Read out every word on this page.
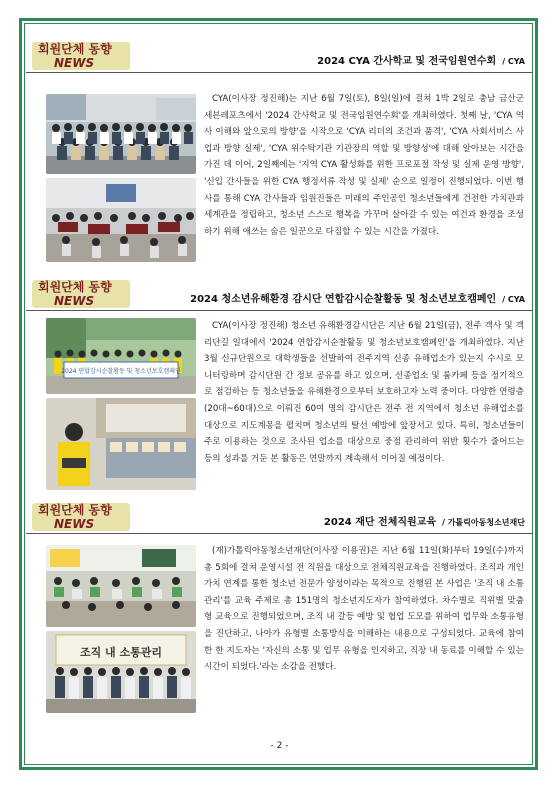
회원단체 동향
NEWS	2024 CYA 간사학교 및 전국임원연수회 / CYA

CYA(이사장 정진해)는 지난 6월 7일(토), 8일(일)에 걸쳐 1박 2일로 충남 금산군 세븐레포츠에서 '2024 간사학교 및 전국임원연수회'를 개최하였다. 첫째 날, 'CYA 역사 이해와 앞으로의 방향'을 시작으로 'CYA 리더의 조건과 품격', 'CYA 사회서비스 사업과 방향 실제', 'CYA 위수탁기관 기관장의 역할 및 방향성'에 대해 알아보는 시간을 가진 데 이어, 2일째에는 '지역 CYA 활성화를 위한 프로포절 작성 및 실제 운영 방향', '신입 간사들을 위한 CYA 행정서류 작성 및 실제' 순으로 일정이 진행되었다. 이번 행사를 통해 CYA 간사들과 임원진들은 미래의 주인공인 청소년들에게 건전한 가치관과 세계관을 정립하고, 청소년 스스로 행복을 가꾸며 살아갈 수 있는 여건과 환경을 조성하기 위해 애쓰는 숨은 일꾼으로 다짐할 수 있는 시간을 가졌다.

회원단체 동향
NEWS	2024 청소년유해환경 감시단 연합감시순찰활동 및 청소년보호캠페인 / CYA
2024 연합감시순찰활동 및 청소년보호캠페인

CYA(이사장 정진해) 청소년 유해환경감시단은 지난 6월 21일(금), 전주 객사 및 객리단길 일대에서 '2024 연합감시순찰활동 및 청소년보호캠페인'을 개최하였다. 지난 3월 신규단원으로 대학생들을 선발하여 전주지역 신종 유해업소가 있는지 수시로 모니터링하며 감시단원 간 정보 공유를 하고 있으며, 신종업소 및 룸카페 등을 정기적으로 점검하는 등 청소년들을 유해환경으로부터 보호하고자 노력 중이다. 다양한 연령층(20대~60대)으로 이뤄진 60여 명의 감시단은 전주 전 지역에서 청소년 유해업소를 대상으로 지도계몽을 펼치며 청소년의 탈선 예방에 앞장서고 있다. 특히, 청소년들이 주로 이용하는 것으로 조사된 업소를 대상으로 중점 관리하여 위반 횟수가 줄어드는 등의 성과를 거둔 본 활동은 연말까지 계속해서 이어질 예정이다.

회원단체 동향
NEWS	2024 재단 전체직원교육 / 가톨릭아동청소년재단
조직 내 소통관리

(재)가톨릭아동청소년재단(이사장 이용권)은 지난 6월 11일(화)부터 19일(수)까지 총 5회에 걸쳐 운영시설 전 직원을 대상으로 전체직원교육을 진행하였다. 조직과 개인 가치 연계를 통한 청소년 전문가 양성이라는 목적으로 진행된 본 사업은 '조직 내 소통관리'를 교육 주제로 총 151명의 청소년지도자가 참여하였다. 차수별로 직위별 맞춤형 교육으로 진행되었으며, 조직 내 갈등 예방 및 협업 도모를 위하여 업무와 소통유형을 진단하고, 나아가 유형별 소통방식을 이해하는 내용으로 구성되었다. 교육에 참여한 한 지도자는 '자신의 소통 및 업무 유형을 인지하고, 직장 내 동료를 이해할 수 있는 시간이 되었다.'라는 소감을 전했다.

- 2 -
